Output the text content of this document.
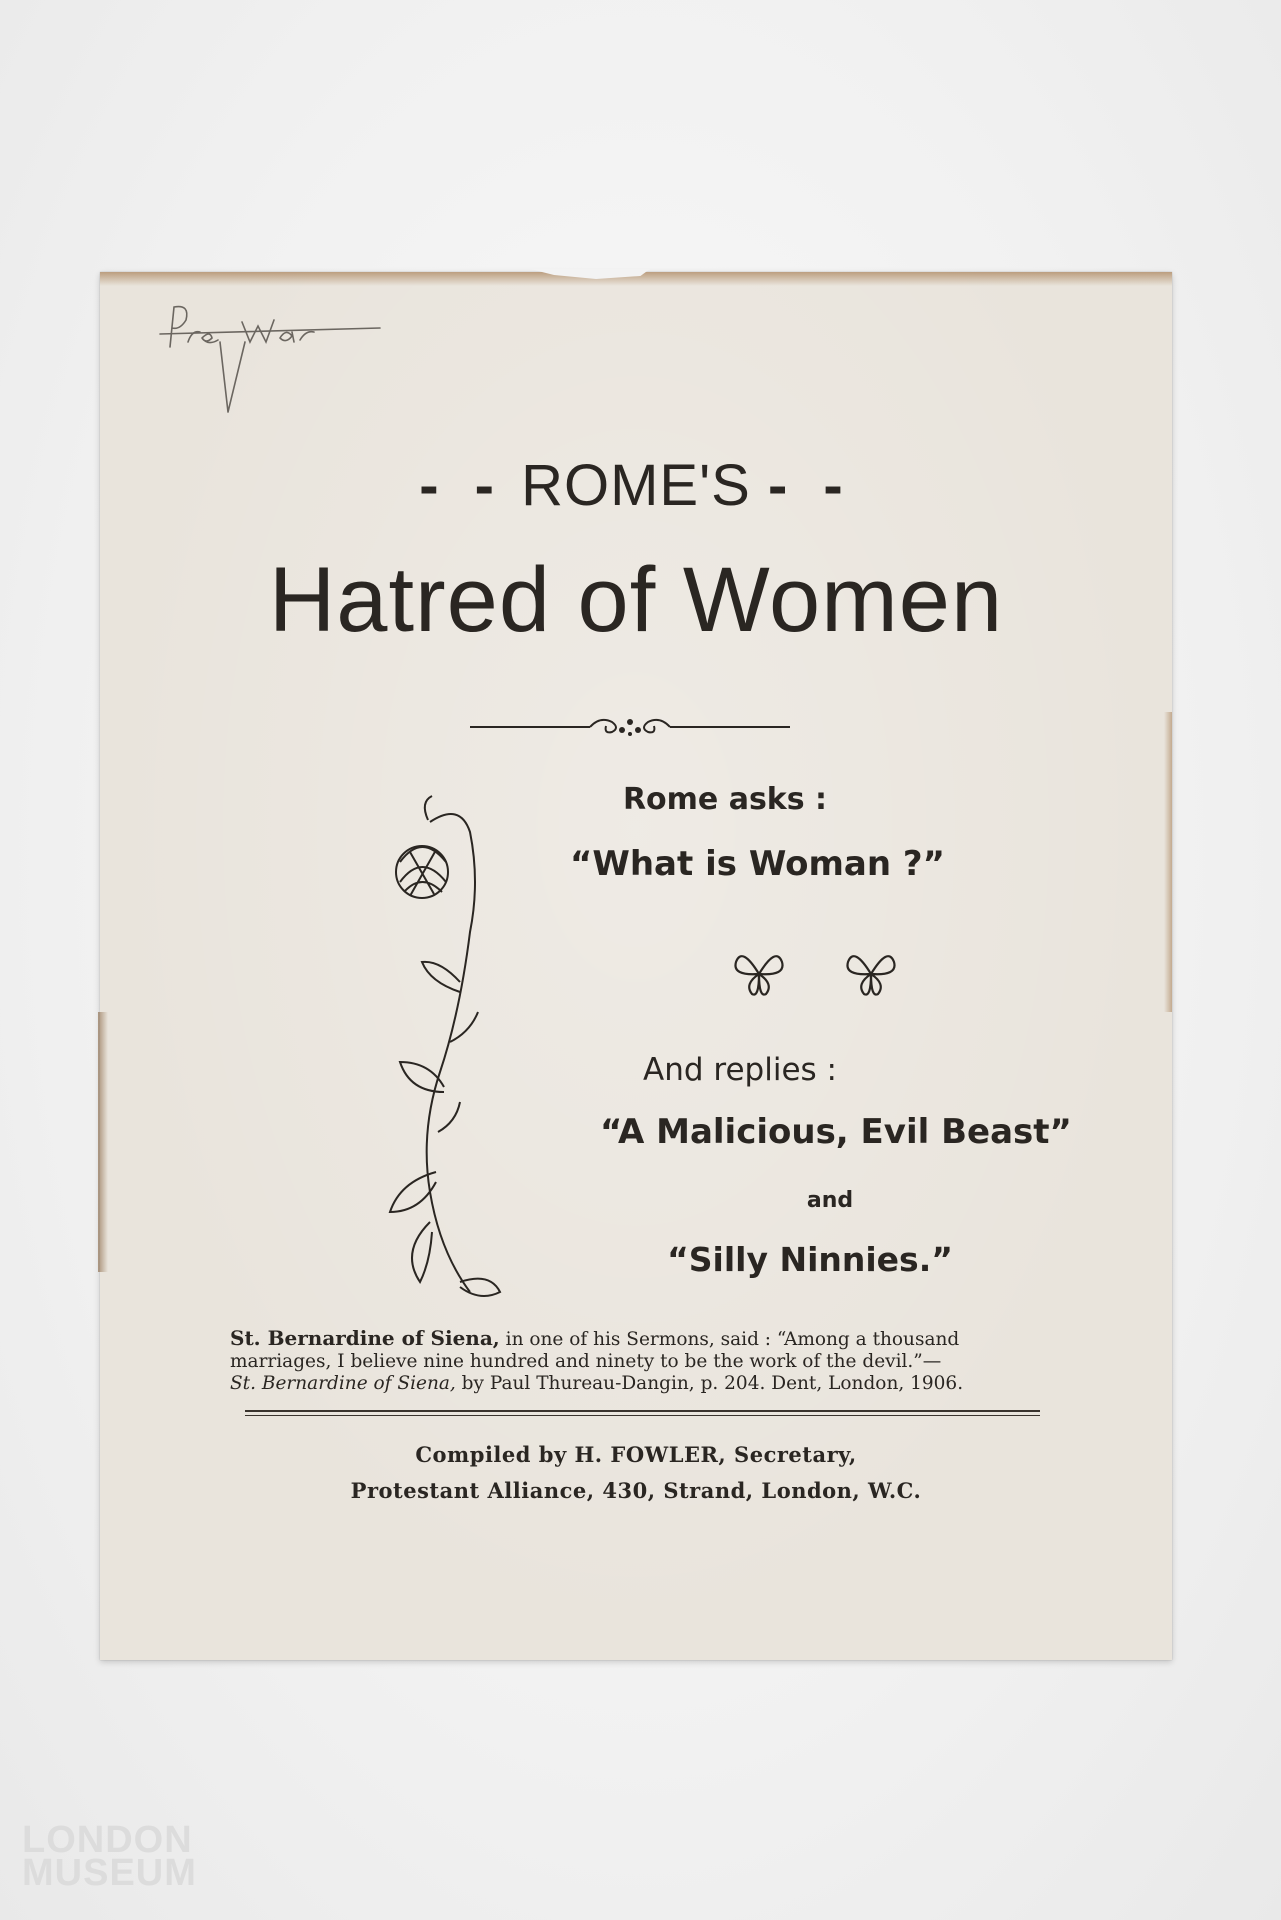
- - ROME'S - -
Hatred of Women
Rome asks :
“What is Woman ?”
And replies :
“A Malicious, Evil Beast”
and
“Silly Ninnies.”
St. Bernardine of Siena, in one of his Sermons, said : “Among a thousand
marriages, I believe nine hundred and ninety to be the work of the devil.”—
St. Bernardine of Siena, by Paul Thureau-Dangin, p. 204. Dent, London, 1906.
Compiled by H. FOWLER, Secretary,
Protestant Alliance, 430, Strand, London, W.C.
LONDON
MUSEUM
